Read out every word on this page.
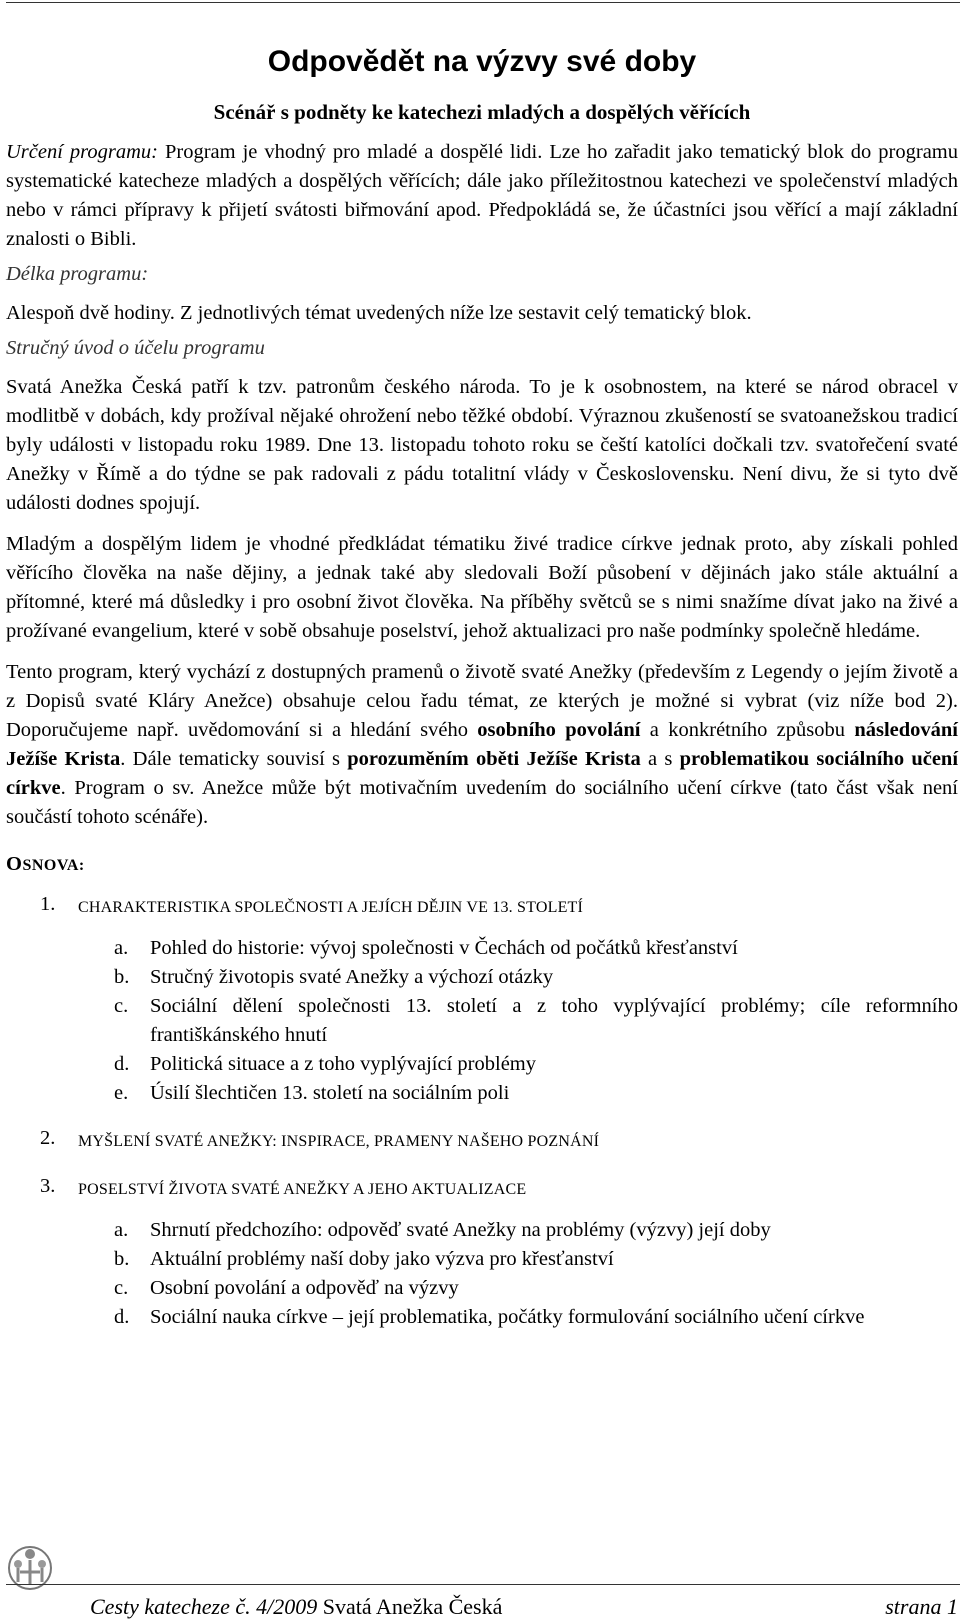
Odpovědět na výzvy své doby
Scénář s podněty ke katechezi mladých a dospělých věřících

Určení programu: Program je vhodný pro mladé a dospělé lidi. Lze ho zařadit jako tematický blok do programu systematické katecheze mladých a dospělých věřících; dále jako příležitostnou katechezi ve společenství mladých nebo v rámci přípravy k přijetí svátosti biřmování apod. Předpokládá se, že účastníci jsou věřící a mají základní znalosti o Bibli.

Délka programu:

Alespoň dvě hodiny. Z jednotlivých témat uvedených níže lze sestavit celý tematický blok.

Stručný úvod o účelu programu

Svatá Anežka Česká patří k tzv. patronům českého národa. To je k osobnostem, na které se národ obracel v modlitbě v dobách, kdy prožíval nějaké ohrožení nebo těžké období. Výraznou zkušeností se svatoanežskou tradicí byly události v listopadu roku 1989. Dne 13. listopadu tohoto roku se čeští katolíci dočkali tzv. svatořečení svaté Anežky v Římě a do týdne se pak radovali z pádu totalitní vlády v Československu. Není divu, že si tyto dvě události dodnes spojují.

Mladým a dospělým lidem je vhodné předkládat tématiku živé tradice církve jednak proto, aby získali pohled věřícího člověka na naše dějiny, a jednak také aby sledovali Boží působení v dějinách jako stále aktuální a přítomné, které má důsledky i pro osobní život člověka. Na příběhy světců se s nimi snažíme dívat jako na živé a prožívané evangelium, které v sobě obsahuje poselství, jehož aktualizaci pro naše podmínky společně hledáme.

Tento program, který vychází z dostupných pramenů o životě svaté Anežky (především z Legendy o jejím životě a z Dopisů svaté Kláry Anežce) obsahuje celou řadu témat, ze kterých je možné si vybrat (viz níže bod 2). Doporučujeme např. uvědomování si a hledání svého osobního povolání a konkrétního způsobu následování Ježíše Krista. Dále tematicky souvisí s porozuměním oběti Ježíše Krista a s problematikou sociálního učení církve. Program o sv. Anežce může být motivačním uvedením do sociálního učení církve (tato část však není součástí tohoto scénáře).

OSNOVA:
1.	CHARAKTERISTIKA SPOLEČNOSTI A JEJÍCH DĚJIN VE 13. STOLETÍ
a.	Pohled do historie: vývoj společnosti v Čechách od počátků křesťanství
b.	Stručný životopis svaté Anežky a výchozí otázky
c.	Sociální dělení společnosti 13. století a z toho vyplývající problémy; cíle reformního františkánského hnutí
d.	Politická situace a z toho vyplývající problémy
e.	Úsilí šlechtičen 13. století na sociálním poli
2.	MYŠLENÍ SVATÉ ANEŽKY: INSPIRACE, PRAMENY NAŠEHO POZNÁNÍ
3.	POSELSTVÍ ŽIVOTA SVATÉ ANEŽKY A JEHO AKTUALIZACE
a.	Shrnutí předchozího: odpověď svaté Anežky na problémy (výzvy) její doby
b.	Aktuální problémy naší doby jako výzva pro křesťanství
c.	Osobní povolání a odpověď na výzvy
d.	Sociální nauka církve – její problematika, počátky formulování sociálního učení církve
Cesty katecheze č. 4/2009 Svatá Anežka Česká	strana 1
